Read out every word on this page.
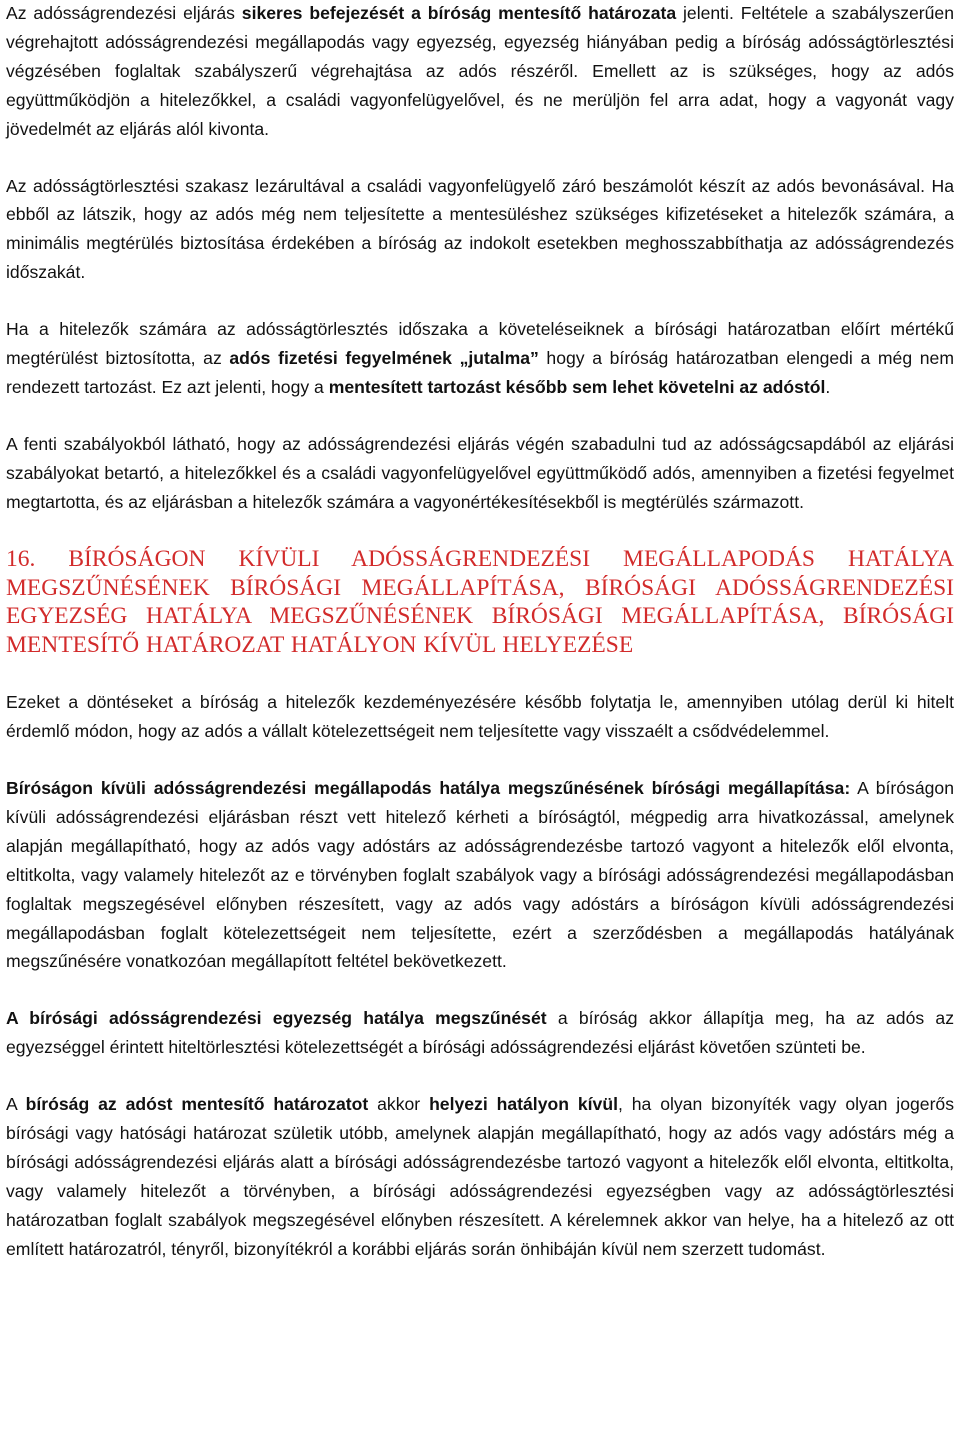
Az adósságrendezési eljárás sikeres befejezését a bíróság mentesítő határozata jelenti. Feltétele a szabályszerűen végrehajtott adósságrendezési megállapodás vagy egyezség, egyezség hiányában pedig a bíróság adósságtörlesztési végzésében foglaltak szabályszerű végrehajtása az adós részéről. Emellett az is szükséges, hogy az adós együttműködjön a hitelezőkkel, a családi vagyonfelügyelővel, és ne merüljön fel arra adat, hogy a vagyonát vagy jövedelmét az eljárás alól kivonta.

Az adósságtörlesztési szakasz lezárultával a családi vagyonfelügyelő záró beszámolót készít az adós bevonásával. Ha ebből az látszik, hogy az adós még nem teljesítette a mentesüléshez szükséges kifizetéseket a hitelezők számára, a minimális megtérülés biztosítása érdekében a bíróság az indokolt esetekben meghosszabbíthatja az adósságrendezés időszakát.

Ha a hitelezők számára az adósságtörlesztés időszaka a követeléseiknek a bírósági határozatban előírt mértékű megtérülést biztosította, az adós fizetési fegyelmének „jutalma” hogy a bíróság határozatban elengedi a még nem rendezett tartozást. Ez azt jelenti, hogy a mentesített tartozást később sem lehet követelni az adóstól.

A fenti szabályokból látható, hogy az adósságrendezési eljárás végén szabadulni tud az adósságcsapdából az eljárási szabályokat betartó, a hitelezőkkel és a családi vagyonfelügyelővel együttműködő adós, amennyiben a fizetési fegyelmet megtartotta, és az eljárásban a hitelezők számára a vagyonértékesítésekből is megtérülés származott.

16. BÍRÓSÁGON KÍVÜLI ADÓSSÁGRENDEZÉSI MEGÁLLAPODÁS HATÁLYA MEGSZŰNÉSÉNEK BÍRÓSÁGI MEGÁLLAPÍTÁSA, BÍRÓSÁGI ADÓSSÁGRENDEZÉSI EGYEZSÉG HATÁLYA MEGSZŰNÉSÉNEK BÍRÓSÁGI MEGÁLLAPÍTÁSA, BÍRÓSÁGI MENTESÍTŐ HATÁROZAT HATÁLYON KÍVÜL HELYEZÉSE

Ezeket a döntéseket a bíróság a hitelezők kezdeményezésére később folytatja le, amennyiben utólag derül ki hitelt érdemlő módon, hogy az adós a vállalt kötelezettségeit nem teljesítette vagy visszaélt a csődvédelemmel.

Bíróságon kívüli adósságrendezési megállapodás hatálya megszűnésének bírósági megállapítása: A bíróságon kívüli adósságrendezési eljárásban részt vett hitelező kérheti a bíróságtól, mégpedig arra hivatkozással, amelynek alapján megállapítható, hogy az adós vagy adóstárs az adósságrendezésbe tartozó vagyont a hitelezők elől elvonta, eltitkolta, vagy valamely hitelezőt az e törvényben foglalt szabályok vagy a bírósági adósságrendezési megállapodásban foglaltak megszegésével előnyben részesített, vagy az adós vagy adóstárs a bíróságon kívüli adósságrendezési megállapodásban foglalt kötelezettségeit nem teljesítette, ezért a szerződésben a megállapodás hatályának megszűnésére vonatkozóan megállapított feltétel bekövetkezett.

A bírósági adósságrendezési egyezség hatálya megszűnését a bíróság akkor állapítja meg, ha az adós az egyezséggel érintett hiteltörlesztési kötelezettségét a bírósági adósságrendezési eljárást követően szünteti be.

A bíróság az adóst mentesítő határozatot akkor helyezi hatályon kívül, ha olyan bizonyíték vagy olyan jogerős bírósági vagy hatósági határozat születik utóbb, amelynek alapján megállapítható, hogy az adós vagy adóstárs még a bírósági adósságrendezési eljárás alatt a bírósági adósságrendezésbe tartozó vagyont a hitelezők elől elvonta, eltitkolta, vagy valamely hitelezőt a törvényben, a bírósági adósságrendezési egyezségben vagy az adósságtörlesztési határozatban foglalt szabályok megszegésével előnyben részesített. A kérelemnek akkor van helye, ha a hitelező az ott említett határozatról, tényről, bizonyítékról a korábbi eljárás során önhibáján kívül nem szerzett tudomást.
